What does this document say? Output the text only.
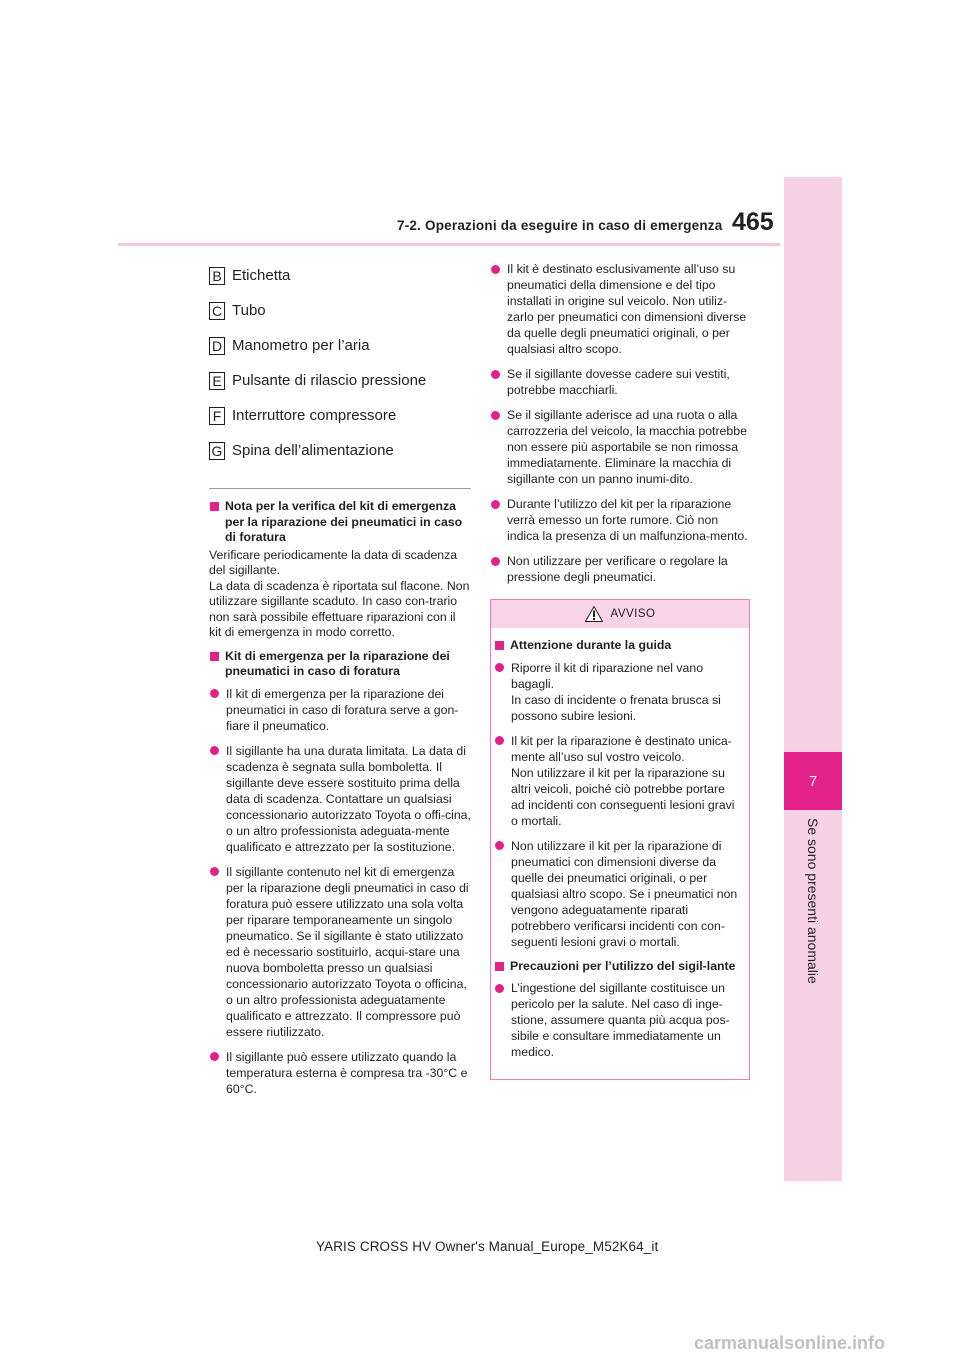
465
7-2. Operazioni da eseguire in caso di emergenza
7
Se sono presenti anomalie
B Etichetta
C Tubo
D Manometro per l’aria
E Pulsante di rilascio pressione
F Interruttore compressore
G Spina dell’alimentazione
Nota per la verifica del kit di emergenza per la riparazione dei pneumatici in caso di foratura
Verificare periodicamente la data di scadenza del sigillante.
La data di scadenza è riportata sul flacone. Non utilizzare sigillante scaduto. In caso con-trario non sarà possibile effettuare riparazioni con il kit di emergenza in modo corretto.
Kit di emergenza per la riparazione dei pneumatici in caso di foratura
Il kit di emergenza per la riparazione dei pneumatici in caso di foratura serve a gon-fiare il pneumatico.
Il sigillante ha una durata limitata. La data di scadenza è segnata sulla bomboletta. Il sigillante deve essere sostituito prima della data di scadenza. Contattare un qualsiasi concessionario autorizzato Toyota o offi-cina, o un altro professionista adeguata-mente qualificato e attrezzato per la sostituzione.
Il sigillante contenuto nel kit di emergenza per la riparazione degli pneumatici in caso di foratura può essere utilizzato una sola volta per riparare temporaneamente un singolo pneumatico. Se il sigillante è stato utilizzato ed è necessario sostituirlo, acqui-stare una nuova bomboletta presso un qualsiasi concessionario autorizzato Toyota o officina, o un altro professionista adeguatamente qualificato e attrezzato. Il compressore può essere riutilizzato.
Il sigillante può essere utilizzato quando la temperatura esterna è compresa tra -30°C e 60°C.
Il kit è destinato esclusivamente all’uso su pneumatici della dimensione e del tipo installati in origine sul veicolo. Non utiliz-zarlo per pneumatici con dimensioni diverse da quelle degli pneumatici originali, o per qualsiasi altro scopo.
Se il sigillante dovesse cadere sui vestiti, potrebbe macchiarli.
Se il sigillante aderisce ad una ruota o alla carrozzeria del veicolo, la macchia potrebbe non essere più asportabile se non rimossa immediatamente. Eliminare la macchia di sigillante con un panno inumi-dito.
Durante l’utilizzo del kit per la riparazione verrà emesso un forte rumore. Ciò non indica la presenza di un malfunziona-mento.
Non utilizzare per verificare o regolare la pressione degli pneumatici.
AVVISO
Attenzione durante la guida
Riporre il kit di riparazione nel vano bagagli.
In caso di incidente o frenata brusca si possono subire lesioni.
Il kit per la riparazione è destinato unica-mente all’uso sul vostro veicolo.
Non utilizzare il kit per la riparazione su altri veicoli, poiché ciò potrebbe portare ad incidenti con conseguenti lesioni gravi o mortali.
Non utilizzare il kit per la riparazione di pneumatici con dimensioni diverse da quelle dei pneumatici originali, o per qualsiasi altro scopo. Se i pneumatici non vengono adeguatamente riparati potrebbero verificarsi incidenti con con-seguenti lesioni gravi o mortali.
Precauzioni per l’utilizzo del sigil-lante
L’ingestione del sigillante costituisce un pericolo per la salute. Nel caso di inge-stione, assumere quanta più acqua pos-sibile e consultare immediatamente un medico.
YARIS CROSS HV Owner's Manual_Europe_M52K64_it
carmanualsonline.info
